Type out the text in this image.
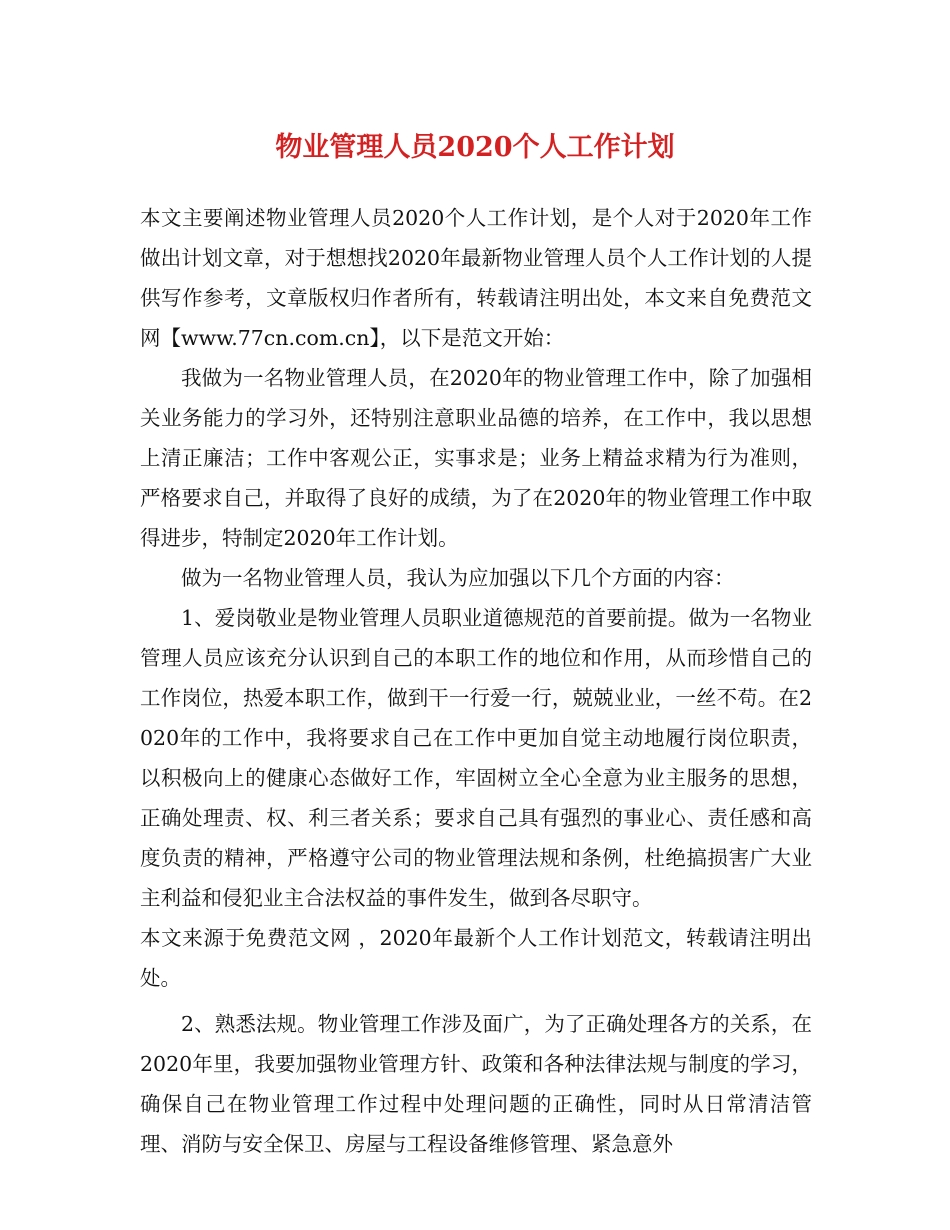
物业管理人员2020个人工作计划

本文主要阐述物业管理人员2020个人工作计划，是个人对于2020年工作做出计划文章，对于想想找2020年最新物业管理人员个人工作计划的人提供写作参考，文章版权归作者所有，转载请注明出处，本文来自免费范文网【www.77cn.com.cn】，以下是范文开始：

我做为一名物业管理人员，在2020年的物业管理工作中，除了加强相关业务能力的学习外，还特别注意职业品德的培养，在工作中，我以思想上清正廉洁；工作中客观公正，实事求是；业务上精益求精为行为准则，严格要求自己，并取得了良好的成绩，为了在2020年的物业管理工作中取得进步，特制定2020年工作计划。

做为一名物业管理人员，我认为应加强以下几个方面的内容：

1、爱岗敬业是物业管理人员职业道德规范的首要前提。做为一名物业管理人员应该充分认识到自己的本职工作的地位和作用，从而珍惜自己的工作岗位，热爱本职工作，做到干一行爱一行，兢兢业业，一丝不苟。在2020年的工作中，我将要求自己在工作中更加自觉主动地履行岗位职责，以积极向上的健康心态做好工作，牢固树立全心全意为业主服务的思想，正确处理责、权、利三者关系；要求自己具有强烈的事业心、责任感和高度负责的精神，严格遵守公司的物业管理法规和条例，杜绝搞损害广大业主利益和侵犯业主合法权益的事件发生，做到各尽职守。

本文来源于免费范文网 ，2020年最新个人工作计划范文，转载请注明出处。

2、熟悉法规。物业管理工作涉及面广，为了正确处理各方的关系，在2020年里，我要加强物业管理方针、政策和各种法律法规与制度的学习，确保自己在物业管理工作过程中处理问题的正确性，同时从日常清洁管理、消防与安全保卫、房屋与工程设备维修管理、紧急意外
